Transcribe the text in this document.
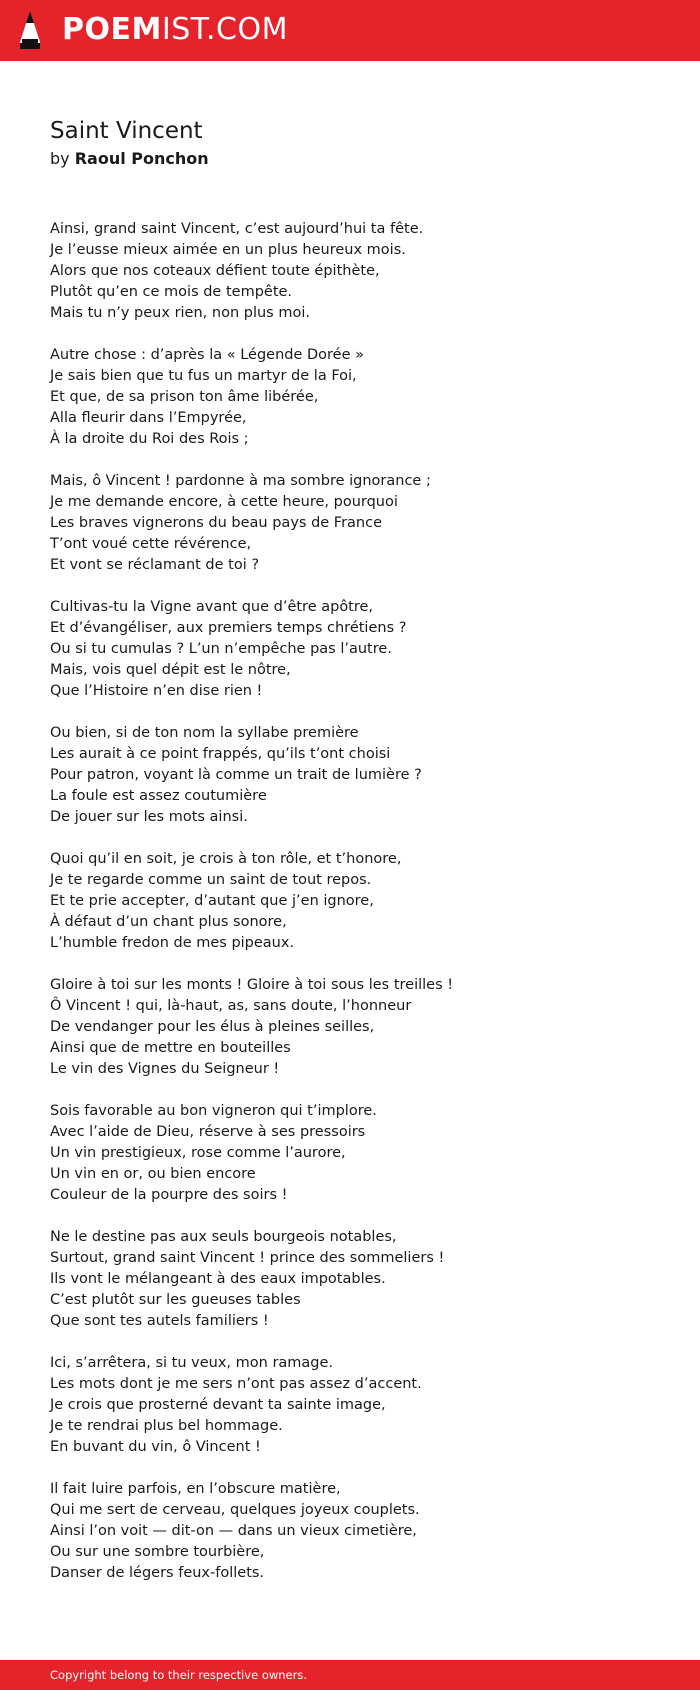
POEMIST.COM
Saint Vincent
by Raoul Ponchon
Ainsi, grand saint Vincent, c’est aujourd’hui ta fête.
Je l’eusse mieux aimée en un plus heureux mois.
Alors que nos coteaux défient toute épithète,
Plutôt qu’en ce mois de tempête.
Mais tu n’y peux rien, non plus moi.
Autre chose : d’après la « Légende Dorée »
Je sais bien que tu fus un martyr de la Foi,
Et que, de sa prison ton âme libérée,
Alla fleurir dans l’Empyrée,
À la droite du Roi des Rois ;
Mais, ô Vincent ! pardonne à ma sombre ignorance ;
Je me demande encore, à cette heure, pourquoi
Les braves vignerons du beau pays de France
T’ont voué cette révérence,
Et vont se réclamant de toi ?
Cultivas-tu la Vigne avant que d’être apôtre,
Et d’évangéliser, aux premiers temps chrétiens ?
Ou si tu cumulas ? L’un n’empêche pas l’autre.
Mais, vois quel dépit est le nôtre,
Que l’Histoire n’en dise rien !
Ou bien, si de ton nom la syllabe première
Les aurait à ce point frappés, qu’ils t’ont choisi
Pour patron, voyant là comme un trait de lumière ?
La foule est assez coutumière
De jouer sur les mots ainsi.
Quoi qu’il en soit, je crois à ton rôle, et t’honore,
Je te regarde comme un saint de tout repos.
Et te prie accepter, d’autant que j’en ignore,
À défaut d’un chant plus sonore,
L’humble fredon de mes pipeaux.
Gloire à toi sur les monts ! Gloire à toi sous les treilles !
Ô Vincent ! qui, là-haut, as, sans doute, l’honneur
De vendanger pour les élus à pleines seilles,
Ainsi que de mettre en bouteilles
Le vin des Vignes du Seigneur !
Sois favorable au bon vigneron qui t’implore.
Avec l’aide de Dieu, réserve à ses pressoirs
Un vin prestigieux, rose comme l’aurore,
Un vin en or, ou bien encore
Couleur de la pourpre des soirs !
Ne le destine pas aux seuls bourgeois notables,
Surtout, grand saint Vincent ! prince des sommeliers !
Ils vont le mélangeant à des eaux impotables.
C’est plutôt sur les gueuses tables
Que sont tes autels familiers !
Ici, s’arrêtera, si tu veux, mon ramage.
Les mots dont je me sers n’ont pas assez d’accent.
Je crois que prosterné devant ta sainte image,
Je te rendrai plus bel hommage.
En buvant du vin, ô Vincent !
Il fait luire parfois, en l’obscure matière,
Qui me sert de cerveau, quelques joyeux couplets.
Ainsi l’on voit — dit-on — dans un vieux cimetière,
Ou sur une sombre tourbière,
Danser de légers feux-follets.
Copyright belong to their respective owners.
